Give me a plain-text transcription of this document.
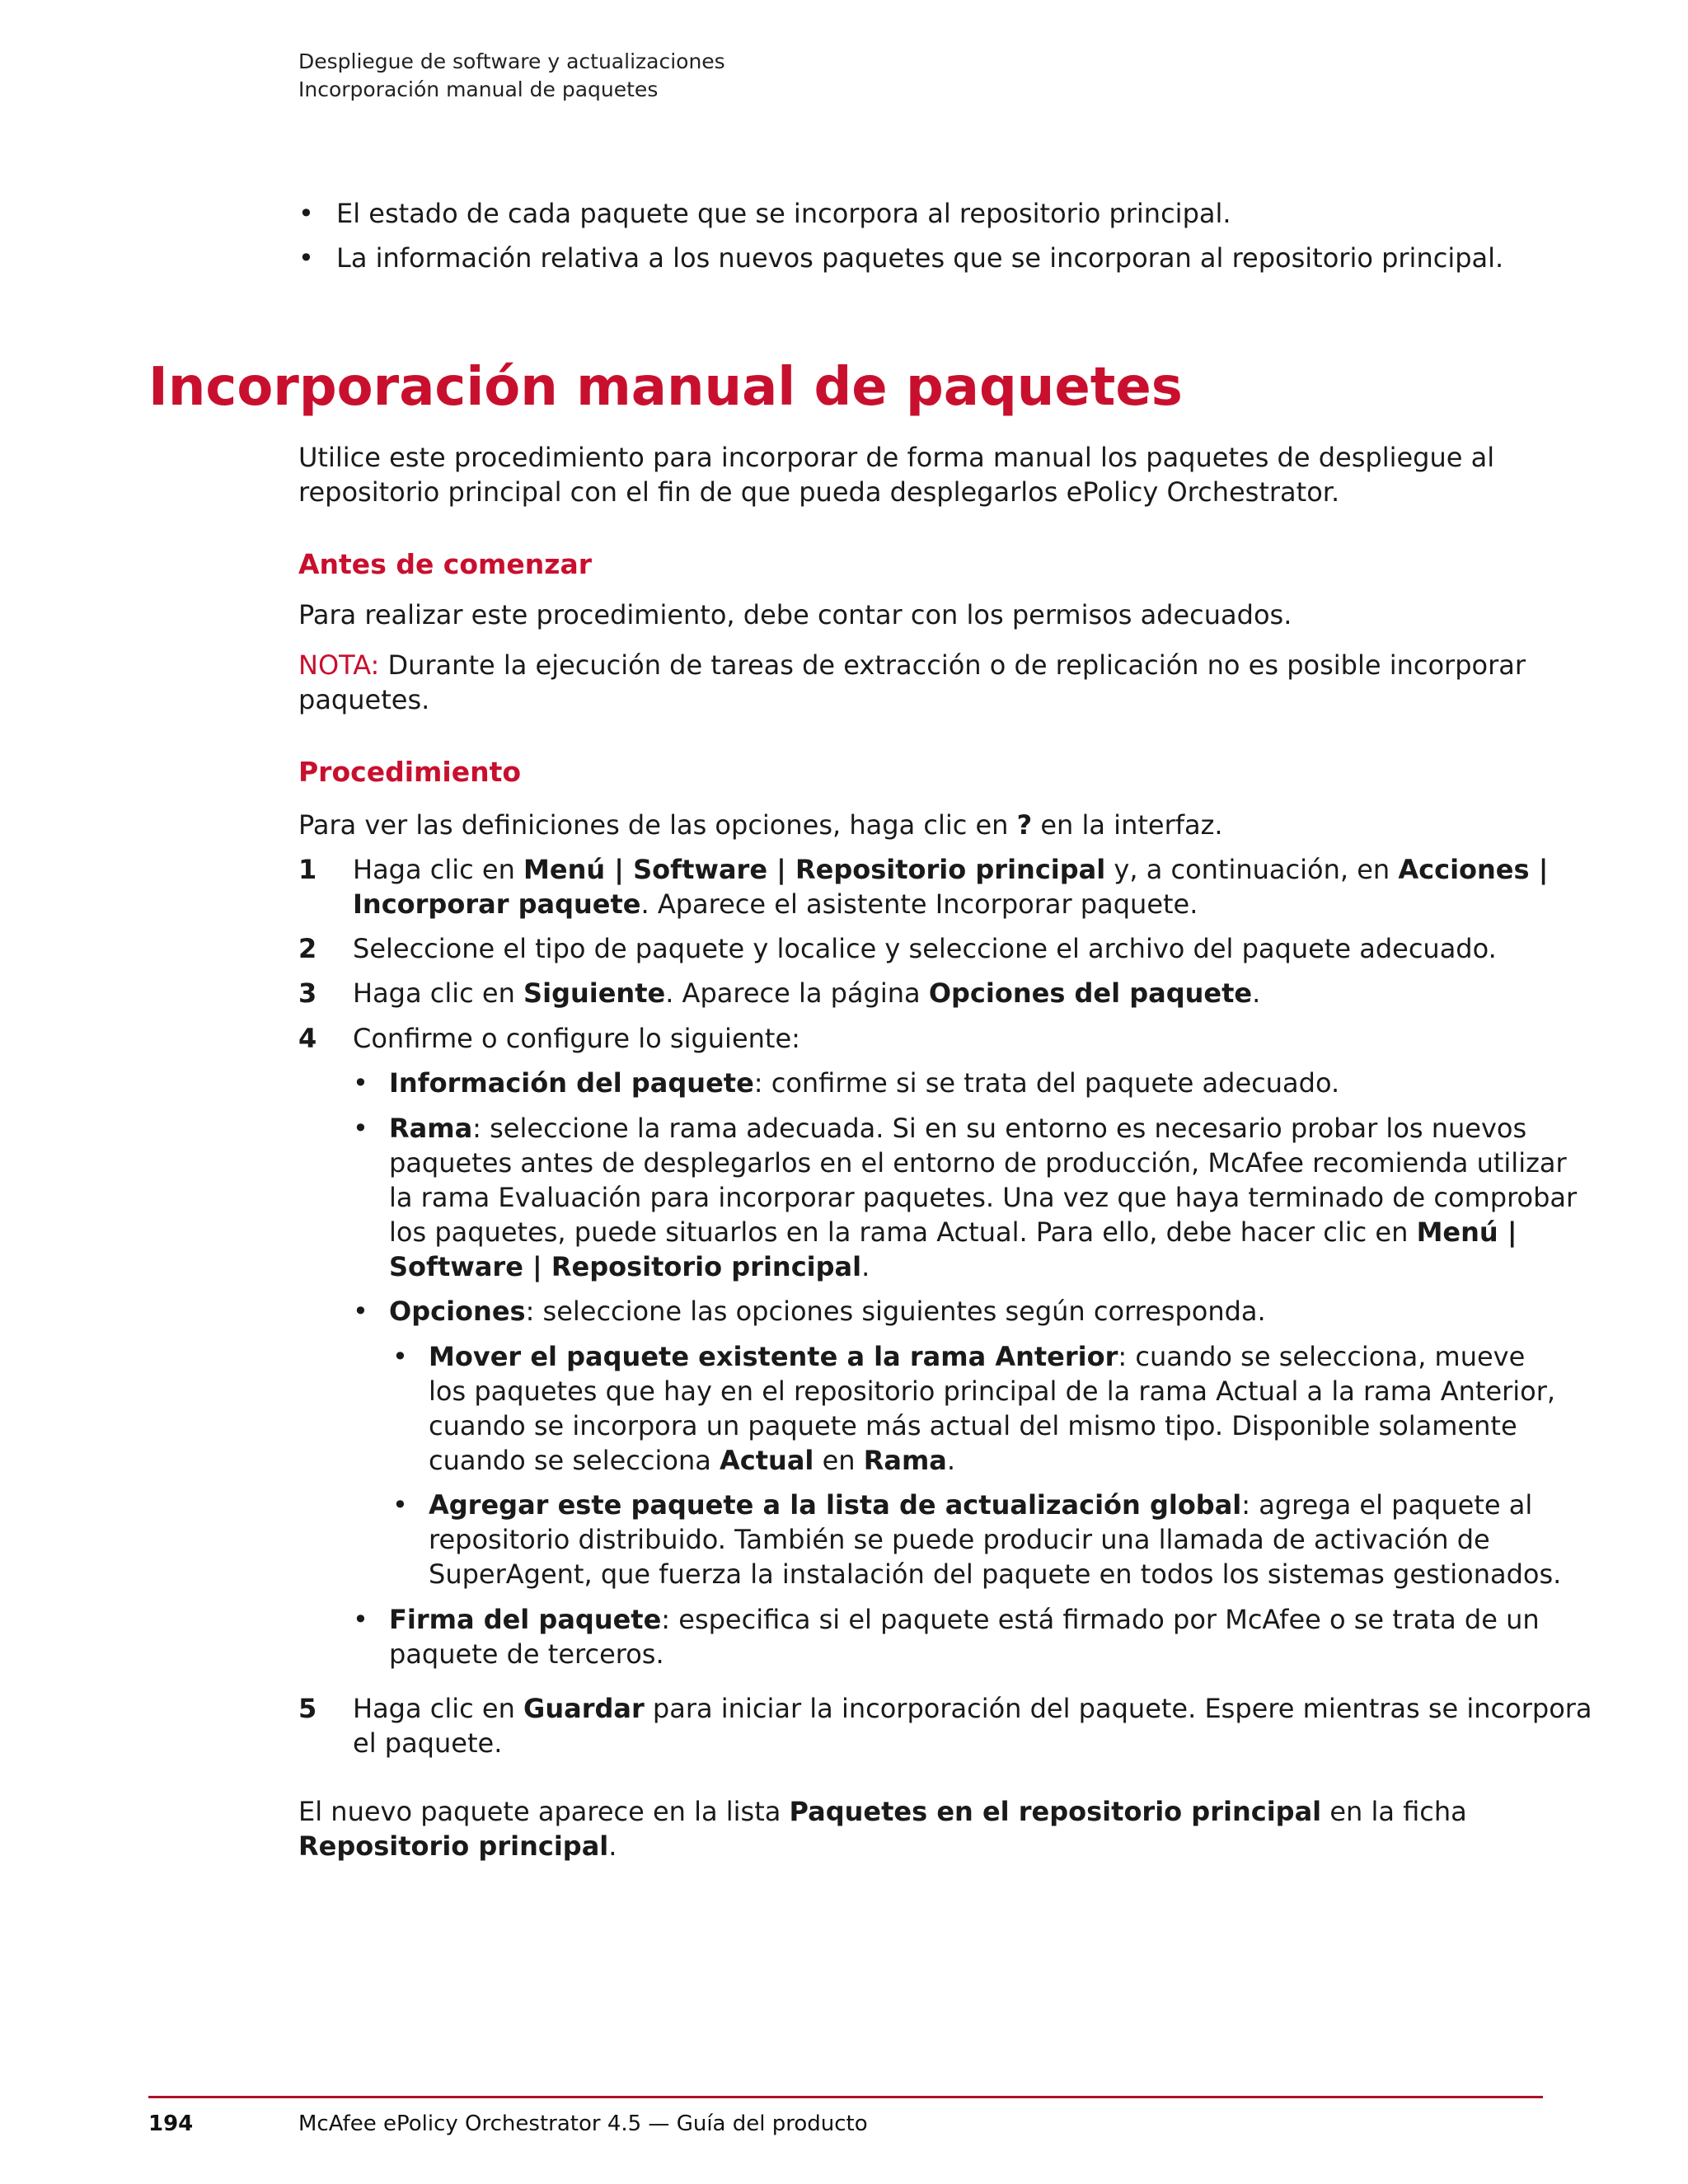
Despliegue de software y actualizaciones
Incorporación manual de paquetes
• El estado de cada paquete que se incorpora al repositorio principal.
• La información relativa a los nuevos paquetes que se incorporan al repositorio principal.
Incorporación manual de paquetes
Utilice este procedimiento para incorporar de forma manual los paquetes de despliegue al
repositorio principal con el fin de que pueda desplegarlos ePolicy Orchestrator.
Antes de comenzar
Para realizar este procedimiento, debe contar con los permisos adecuados.
NOTA: Durante la ejecución de tareas de extracción o de replicación no es posible incorporar
paquetes.
Procedimiento
Para ver las definiciones de las opciones, haga clic en ? en la interfaz.
1 Haga clic en Menú | Software | Repositorio principal y, a continuación, en Acciones |
Incorporar paquete. Aparece el asistente Incorporar paquete.
2 Seleccione el tipo de paquete y localice y seleccione el archivo del paquete adecuado.
3 Haga clic en Siguiente. Aparece la página Opciones del paquete.
4 Confirme o configure lo siguiente:
• Información del paquete: confirme si se trata del paquete adecuado.
• Rama: seleccione la rama adecuada. Si en su entorno es necesario probar los nuevos
paquetes antes de desplegarlos en el entorno de producción, McAfee recomienda utilizar
la rama Evaluación para incorporar paquetes. Una vez que haya terminado de comprobar
los paquetes, puede situarlos en la rama Actual. Para ello, debe hacer clic en Menú |
Software | Repositorio principal.
• Opciones: seleccione las opciones siguientes según corresponda.
• Mover el paquete existente a la rama Anterior: cuando se selecciona, mueve
los paquetes que hay en el repositorio principal de la rama Actual a la rama Anterior,
cuando se incorpora un paquete más actual del mismo tipo. Disponible solamente
cuando se selecciona Actual en Rama.
• Agregar este paquete a la lista de actualización global: agrega el paquete al
repositorio distribuido. También se puede producir una llamada de activación de
SuperAgent, que fuerza la instalación del paquete en todos los sistemas gestionados.
• Firma del paquete: especifica si el paquete está firmado por McAfee o se trata de un
paquete de terceros.
5 Haga clic en Guardar para iniciar la incorporación del paquete. Espere mientras se incorpora
el paquete.
El nuevo paquete aparece en la lista Paquetes en el repositorio principal en la ficha
Repositorio principal.
194	McAfee ePolicy Orchestrator 4.5 — Guía del producto
